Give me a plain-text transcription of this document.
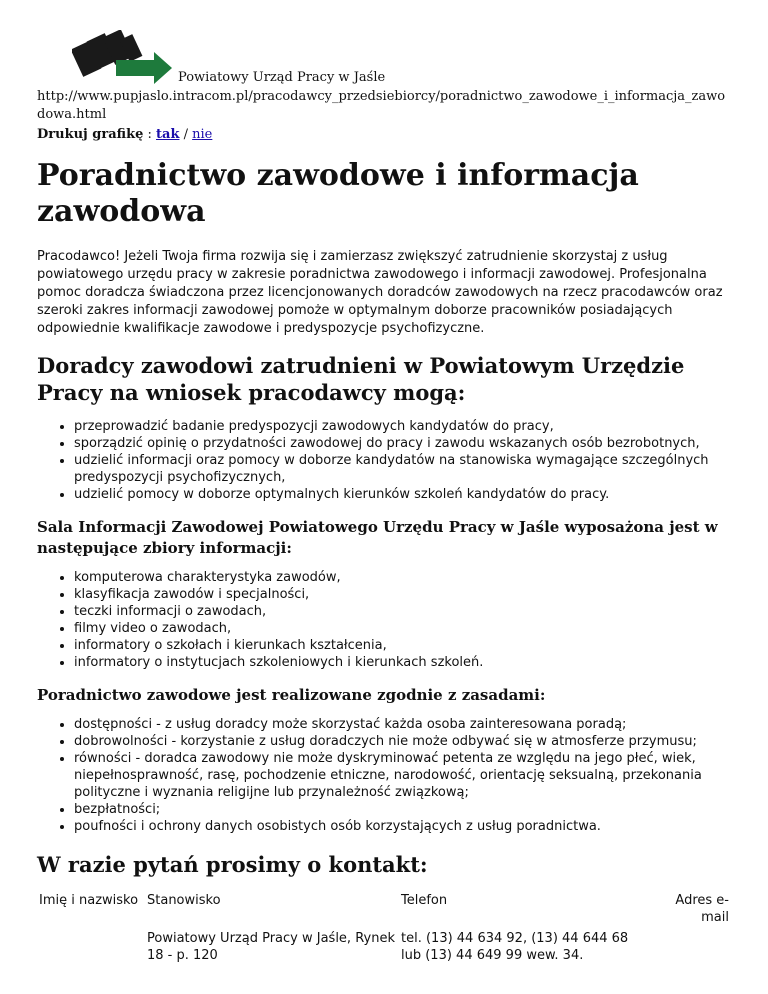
Powiatowy Urząd Pracy w Jaśle

http://www.pupjaslo.intracom.pl/pracodawcy_przedsiebiorcy/poradnictwo_zawodowe_i_informacja_zawodowa.html

Drukuj grafikę : tak / nie

Poradnictwo zawodowe i informacja zawodowa

Pracodawco! Jeżeli Twoja firma rozwija się i zamierzasz zwiększyć zatrudnienie skorzystaj z usług powiatowego urzędu pracy w zakresie poradnictwa zawodowego i informacji zawodowej. Profesjonalna pomoc doradcza świadczona przez licencjonowanych doradców zawodowych na rzecz pracodawców oraz szeroki zakres informacji zawodowej pomoże w optymalnym doborze pracowników posiadających odpowiednie kwalifikacje zawodowe i predyspozycje psychofizyczne.

Doradcy zawodowi zatrudnieni w Powiatowym Urzędzie Pracy na wniosek pracodawcy mogą:
• przeprowadzić badanie predyspozycji zawodowych kandydatów do pracy,
• sporządzić opinię o przydatności zawodowej do pracy i zawodu wskazanych osób bezrobotnych,
• udzielić informacji oraz pomocy w doborze kandydatów na stanowiska wymagające szczególnych predyspozycji psychofizycznych,
• udzielić pomocy w doborze optymalnych kierunków szkoleń kandydatów do pracy.
Sala Informacji Zawodowej Powiatowego Urzędu Pracy w Jaśle wyposażona jest w następujące zbiory informacji:
• komputerowa charakterystyka zawodów,
• klasyfikacja zawodów i specjalności,
• teczki informacji o zawodach,
• filmy video o zawodach,
• informatory o szkołach i kierunkach kształcenia,
• informatory o instytucjach szkoleniowych i kierunkach szkoleń.
Poradnictwo zawodowe jest realizowane zgodnie z zasadami:
• dostępności - z usług doradcy może skorzystać każda osoba zainteresowana poradą;
• dobrowolności - korzystanie z usług doradczych nie może odbywać się w atmosferze przymusu;
• równości - doradca zawodowy nie może dyskryminować petenta ze względu na jego płeć, wiek, niepełnosprawność, rasę, pochodzenie etniczne, narodowość, orientację seksualną, przekonania polityczne i wyznania religijne lub przynależność związkową;
• bezpłatności;
• poufności i ochrony danych osobistych osób korzystających z usług poradnictwa.
W razie pytań prosimy o kontakt:
Imię i nazwisko	Stanowisko	Telefon	Adres e-mail
	Powiatowy Urząd Pracy w Jaśle, Rynek 18 - p. 120	tel. (13) 44 634 92, (13) 44 644 68 lub (13) 44 649 99 wew. 34.	
